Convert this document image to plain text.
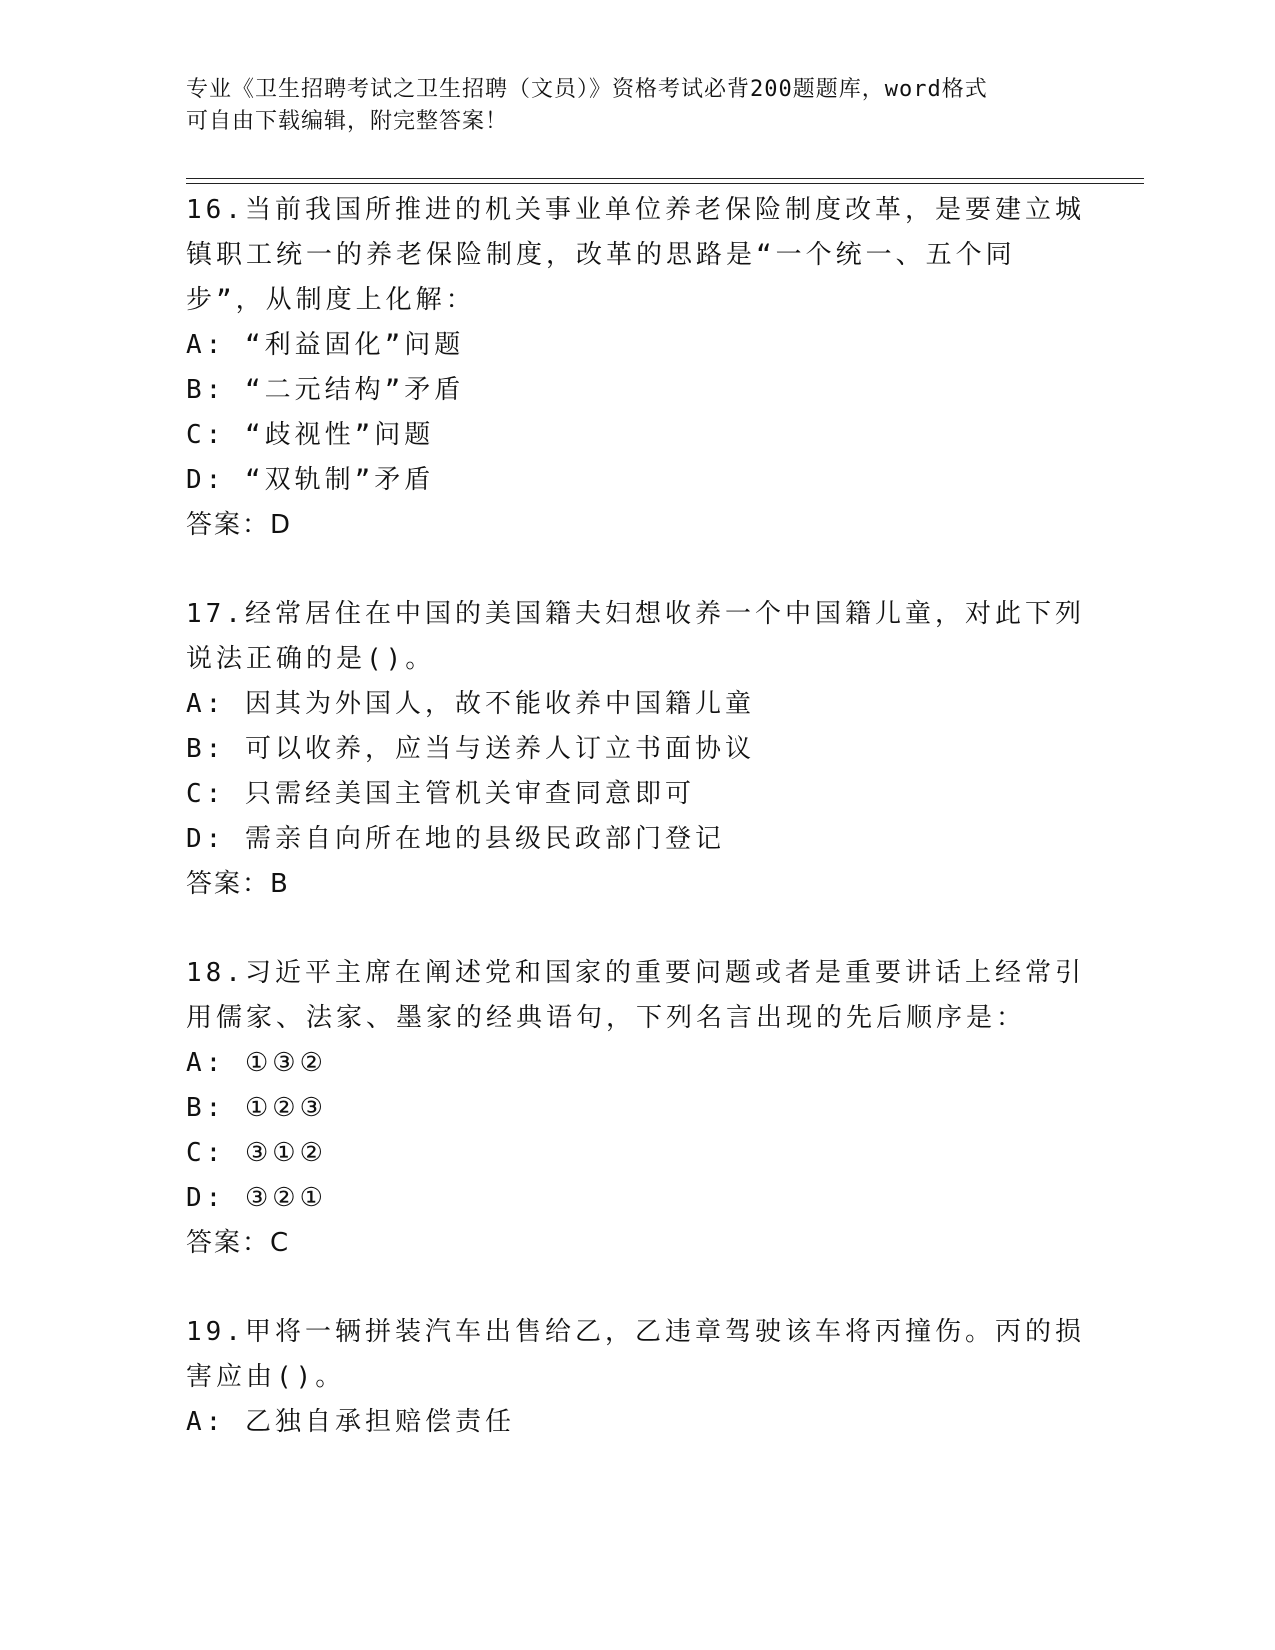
专业《卫生招聘考试之卫生招聘（文员）》资格考试必背200题题库，word格式
可自由下载编辑，附完整答案！

16.当前我国所推进的机关事业单位养老保险制度改革，是要建立城镇职工统一的养老保险制度，改革的思路是“一个统一、五个同步”，从制度上化解：

A: “利益固化”问题
B: “二元结构”矛盾
C: “歧视性”问题
D: “双轨制”矛盾
答案：D

17.经常居住在中国的美国籍夫妇想收养一个中国籍儿童，对此下列说法正确的是()。

A: 因其为外国人，故不能收养中国籍儿童
B: 可以收养，应当与送养人订立书面协议
C: 只需经美国主管机关审查同意即可
D: 需亲自向所在地的县级民政部门登记
答案：B

18.习近平主席在阐述党和国家的重要问题或者是重要讲话上经常引用儒家、法家、墨家的经典语句，下列名言出现的先后顺序是：

A: ①③②
B: ①②③
C: ③①②
D: ③②①
答案：C

19.甲将一辆拼装汽车出售给乙，乙违章驾驶该车将丙撞伤。丙的损害应由()。

A: 乙独自承担赔偿责任
